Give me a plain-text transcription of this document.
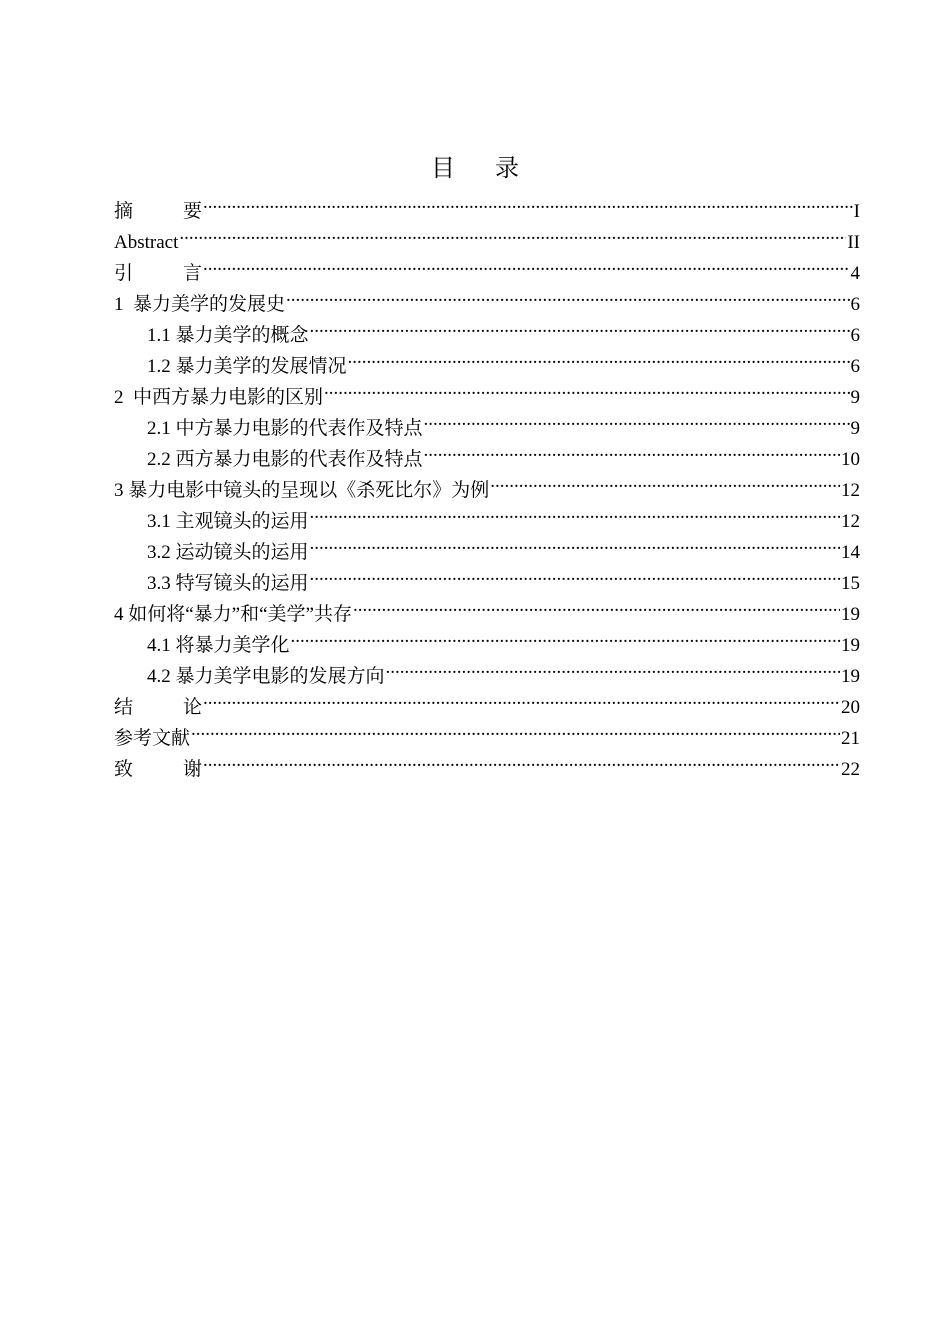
目 录
摘	要 .....	I
Abstract .....	II
引	言 .....	4
1  暴力美学的发展史 .....	6
1.1 暴力美学的概念 .....	6
1.2 暴力美学的发展情况 .....	6
2  中西方暴力电影的区别 .....	9
2.1 中方暴力电影的代表作及特点 .....	9
2.2 西方暴力电影的代表作及特点 .....	10
3 暴力电影中镜头的呈现以《杀死比尔》为例 .....	12
3.1 主观镜头的运用 .....	12
3.2 运动镜头的运用 .....	14
3.3 特写镜头的运用 .....	15
4 如何将“暴力”和“美学”共存 .....	19
4.1 将暴力美学化 .....	19
4.2 暴力美学电影的发展方向 .....	19
结	论 .....	20
参考文献 .....	21
致	谢 .....	22
